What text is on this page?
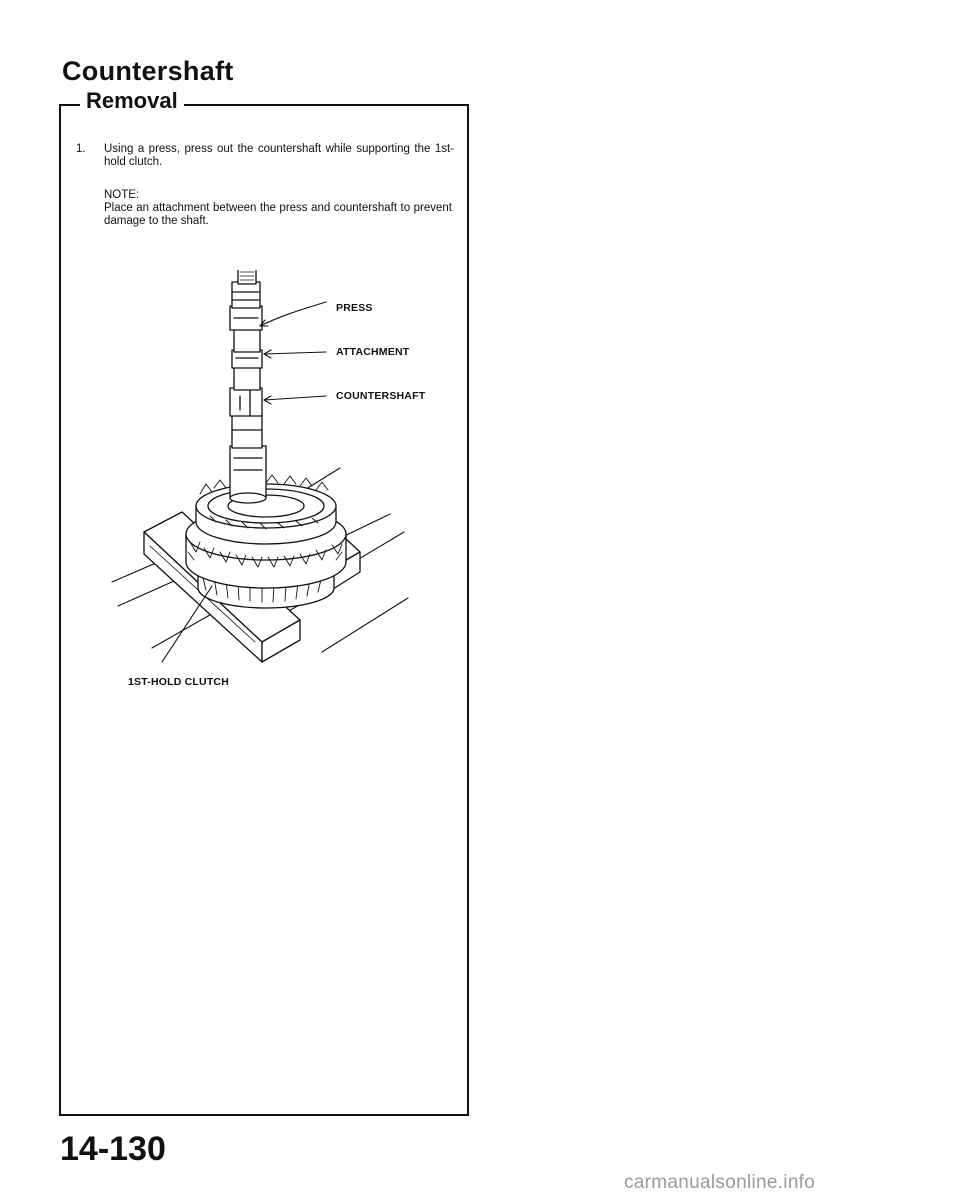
Countershaft
Removal
1. Using a press, press out the countershaft while supporting the 1st-hold clutch.
NOTE:
Place an attachment between the press and countershaft to prevent damage to the shaft.
PRESS
ATTACHMENT
COUNTERSHAFT
1ST-HOLD CLUTCH
14-130
carmanualsonline.info
